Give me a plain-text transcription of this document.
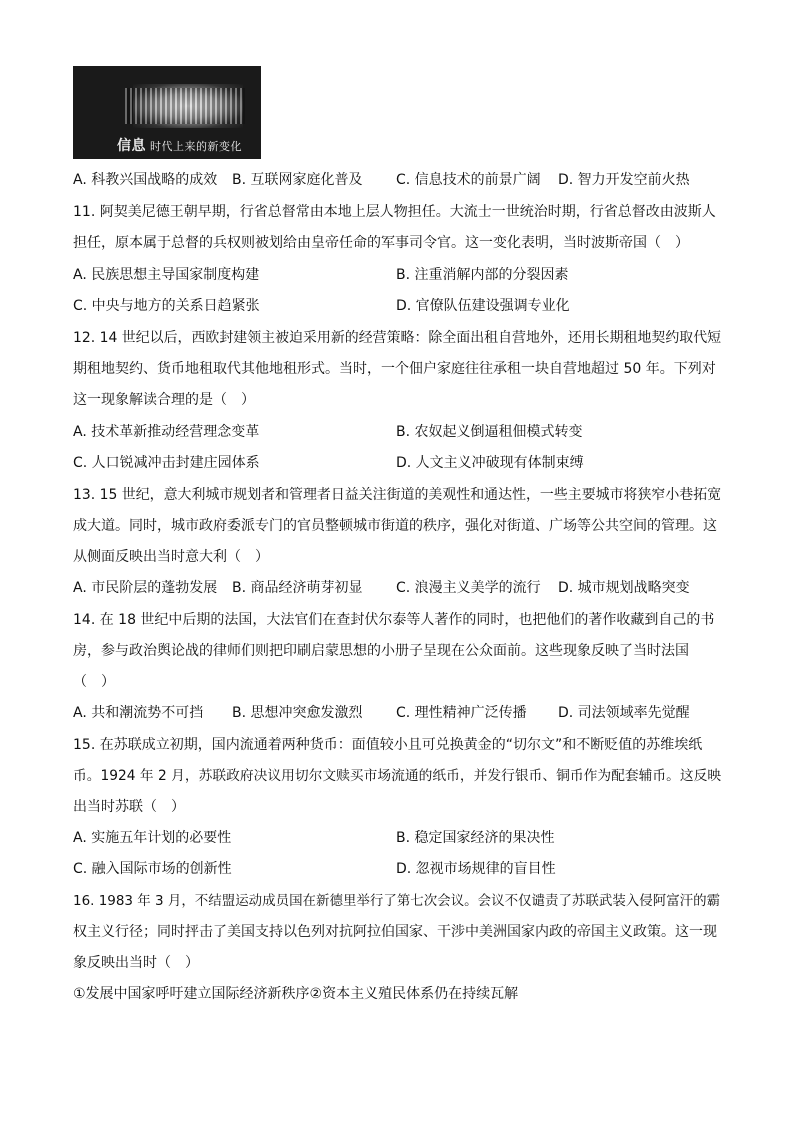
信息 时代上来的新变化
A. 科教兴国战略的成效 B. 互联网家庭化普及 C. 信息技术的前景广阔 D. 智力开发空前火热
11. 阿契美尼德王朝早期，行省总督常由本地上层人物担任。大流士一世统治时期，行省总督改由波斯人
担任，原本属于总督的兵权则被划给由皇帝任命的军事司令官。这一变化表明，当时波斯帝国（　）
A. 民族思想主导国家制度构建	B. 注重消解内部的分裂因素
C. 中央与地方的关系日趋紧张	D. 官僚队伍建设强调专业化
12. 14 世纪以后，西欧封建领主被迫采用新的经营策略：除全面出租自营地外，还用长期租地契约取代短
期租地契约、货币地租取代其他地租形式。当时，一个佃户家庭往往承租一块自营地超过 50 年。下列对
这一现象解读合理的是（　）
A. 技术革新推动经营理念变革	B. 农奴起义倒逼租佃模式转变
C. 人口锐减冲击封建庄园体系	D. 人文主义冲破现有体制束缚
13. 15 世纪，意大利城市规划者和管理者日益关注街道的美观性和通达性，一些主要城市将狭窄小巷拓宽
成大道。同时，城市政府委派专门的官员整顿城市街道的秩序，强化对街道、广场等公共空间的管理。这
从侧面反映出当时意大利（　）
A. 市民阶层的蓬勃发展 B. 商品经济萌芽初显 C. 浪漫主义美学的流行 D. 城市规划战略突变
14. 在 18 世纪中后期的法国，大法官们在查封伏尔泰等人著作的同时，也把他们的著作收藏到自己的书
房，参与政治舆论战的律师们则把印刷启蒙思想的小册子呈现在公众面前。这些现象反映了当时法国
（　）
A. 共和潮流势不可挡 B. 思想冲突愈发激烈 C. 理性精神广泛传播 D. 司法领域率先觉醒
15. 在苏联成立初期，国内流通着两种货币：面值较小且可兑换黄金的“切尔文”和不断贬值的苏维埃纸
币。1924 年 2 月，苏联政府决议用切尔文赎买市场流通的纸币，并发行银币、铜币作为配套辅币。这反映
出当时苏联（　）
A. 实施五年计划的必要性	B. 稳定国家经济的果决性
C. 融入国际市场的创新性	D. 忽视市场规律的盲目性
16. 1983 年 3 月，不结盟运动成员国在新德里举行了第七次会议。会议不仅谴责了苏联武装入侵阿富汗的霸
权主义行径；同时抨击了美国支持以色列对抗阿拉伯国家、干涉中美洲国家内政的帝国主义政策。这一现
象反映出当时（　）
①发展中国家呼吁建立国际经济新秩序②资本主义殖民体系仍在持续瓦解
